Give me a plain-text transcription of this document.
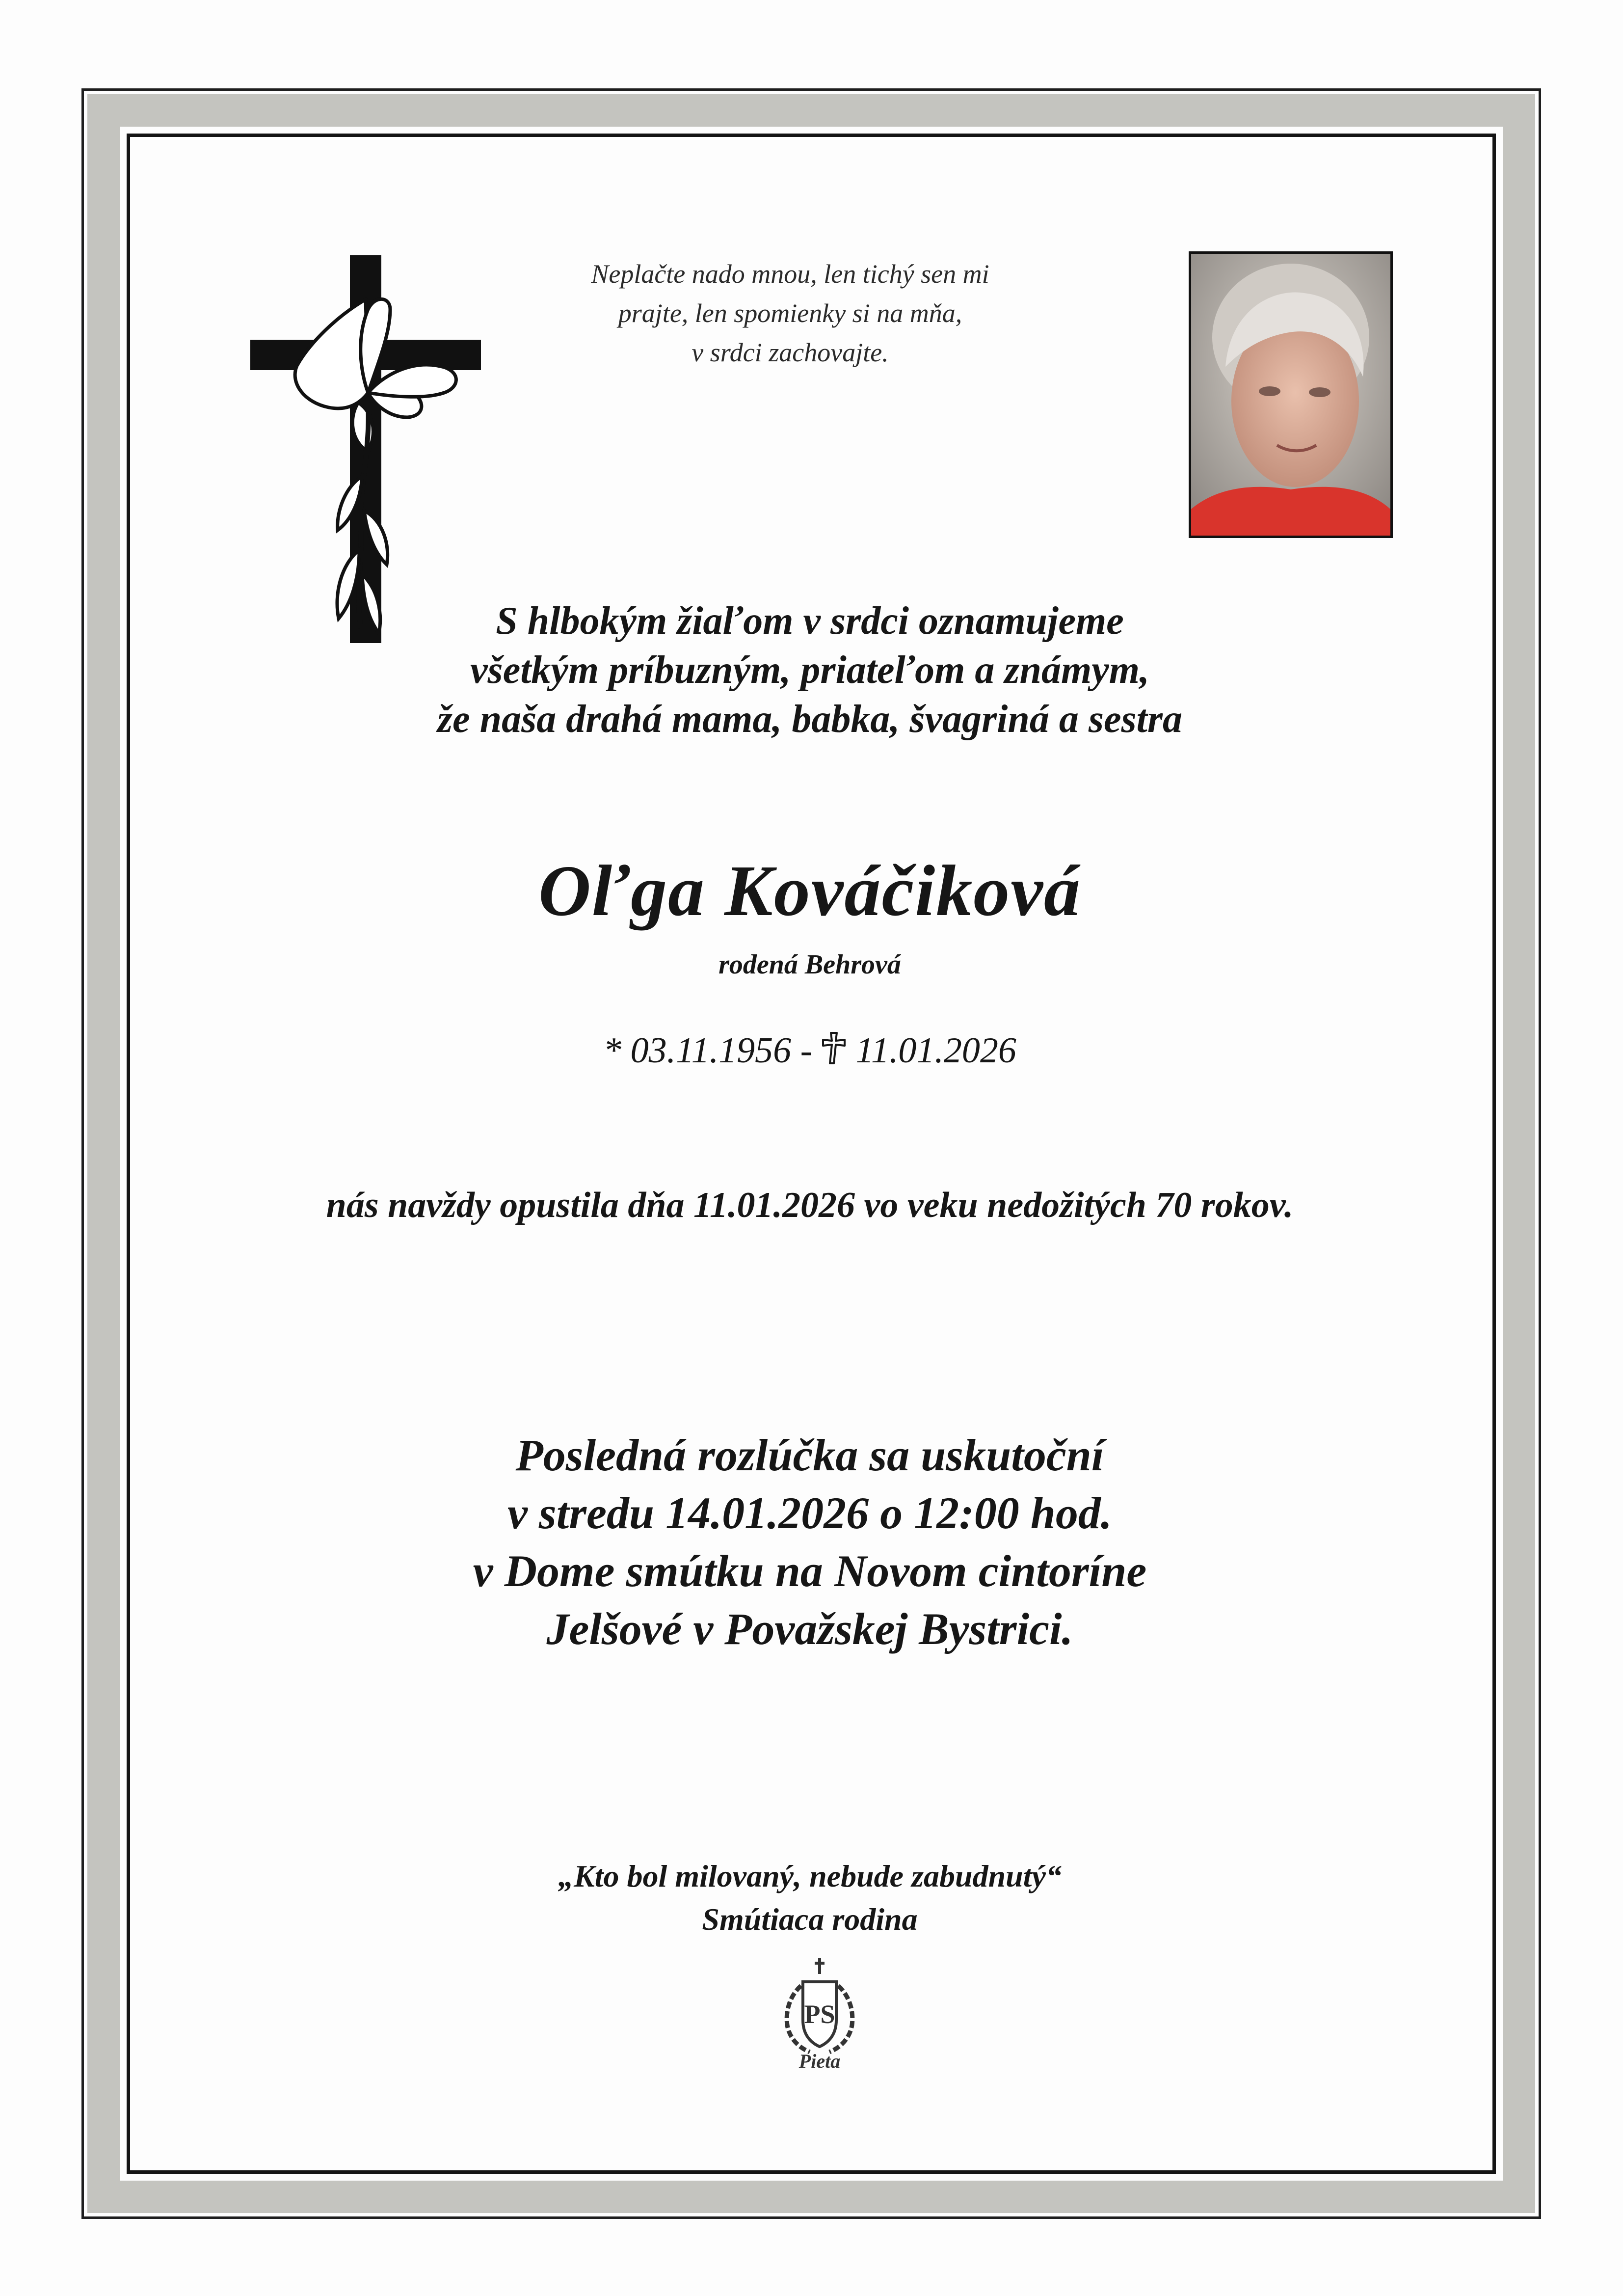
Neplačte nado mnou, len tichý sen mi
prajte, len spomienky si na mňa,
v srdci zachovajte.
S hlbokým žiaľom v srdci oznamujeme
všetkým príbuzným, priateľom a známym,
že naša drahá mama, babka, švagriná a sestra
Oľga Kováčiková
rodená Behrová
* 03.11.1956 - 11.01.2026
nás navždy opustila dňa 11.01.2026 vo veku nedožitých 70 rokov.
Posledná rozlúčka sa uskutoční
v stredu 14.01.2026 o 12:00 hod.
v Dome smútku na Novom cintoríne
Jelšové v Považskej Bystrici.
„Kto bol milovaný, nebude zabudnutý“
Smútiaca rodina
PS
Pieta
